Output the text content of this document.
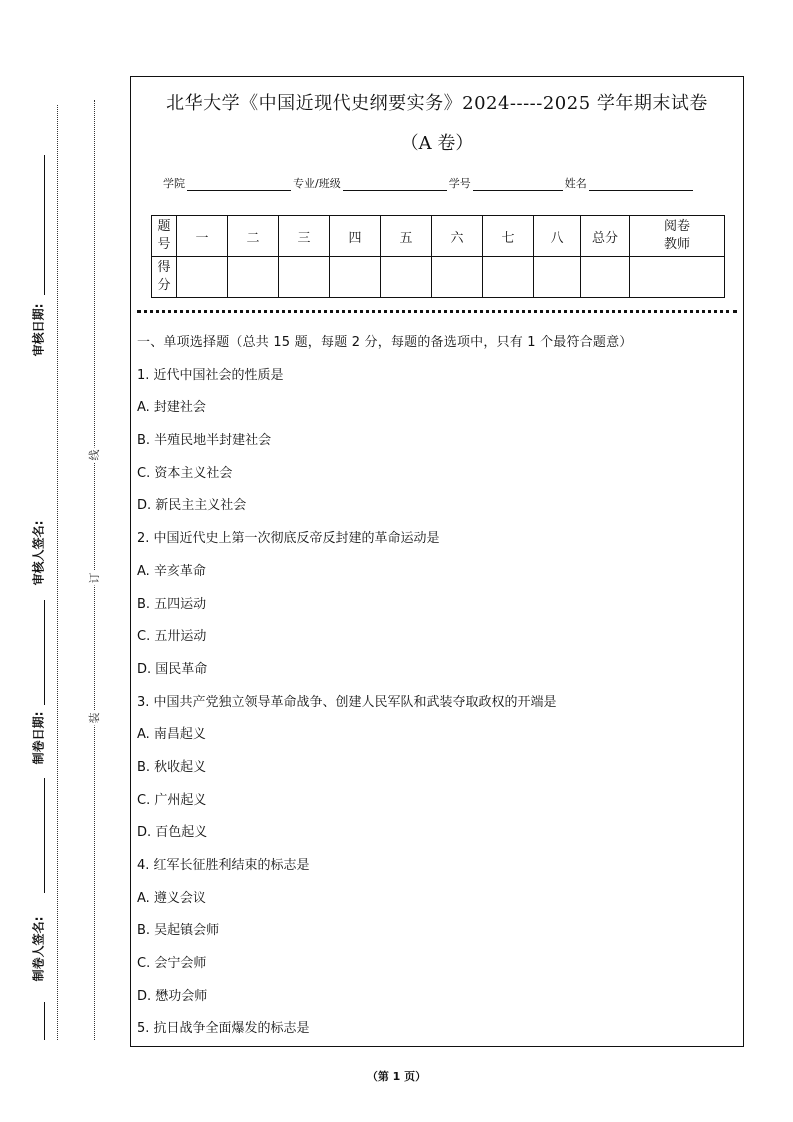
审核日期:
审核人签名:
制卷日期:
制卷人签名:
线
订
装
北华大学《中国近现代史纲要实务》2024-----2025 学年期末试卷
（A 卷）
学院	专业/班级	学号	姓名
题号	一	二	三	四	五	六	七	八	总分	阅卷教师
得分										
一、单项选择题（总共 15 题，每题 2 分，每题的备选项中，只有 1 个最符合题意）
1. 近代中国社会的性质是
A. 封建社会
B. 半殖民地半封建社会
C. 资本主义社会
D. 新民主主义社会
2. 中国近代史上第一次彻底反帝反封建的革命运动是
A. 辛亥革命
B. 五四运动
C. 五卅运动
D. 国民革命
3. 中国共产党独立领导革命战争、创建人民军队和武装夺取政权的开端是
A. 南昌起义
B. 秋收起义
C. 广州起义
D. 百色起义
4. 红军长征胜利结束的标志是
A. 遵义会议
B. 吴起镇会师
C. 会宁会师
D. 懋功会师
5. 抗日战争全面爆发的标志是
（第 1 页）
